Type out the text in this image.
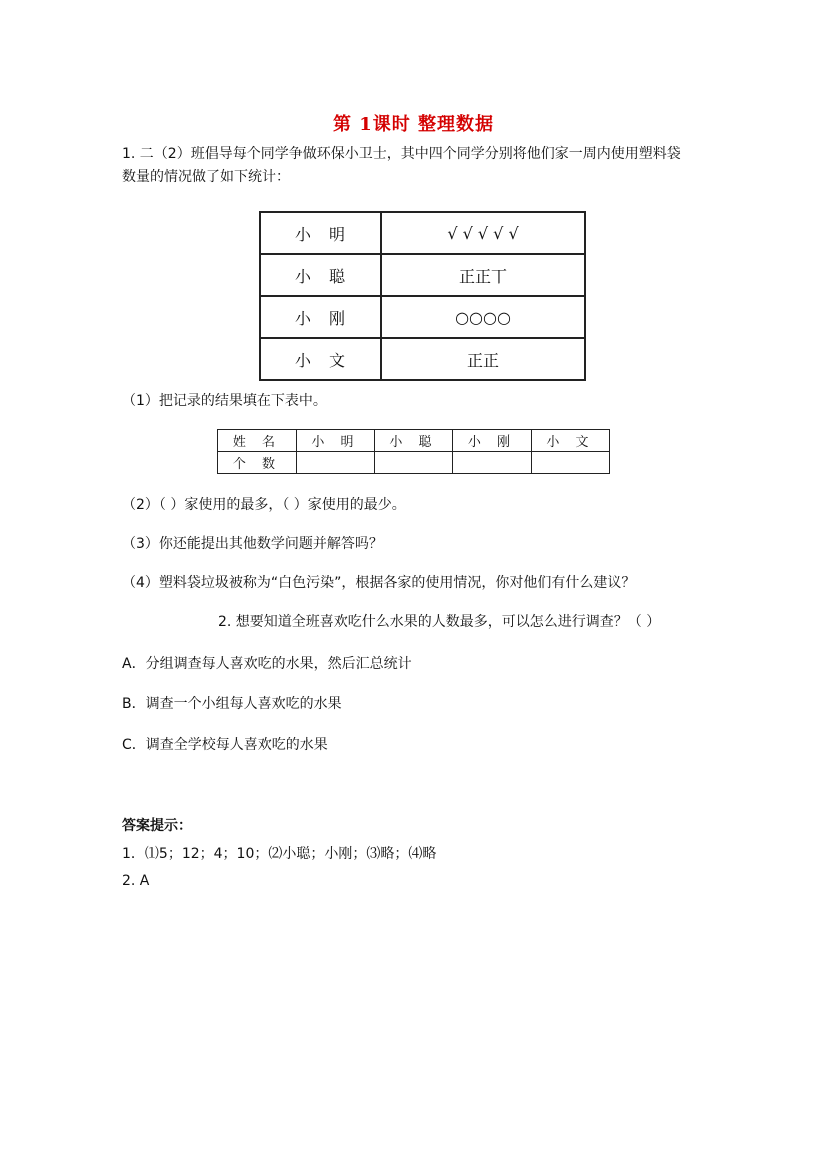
第 1课时 整理数据
1. 二（2）班倡导每个同学争做环保小卫士，其中四个同学分别将他们家一周内使用塑料袋
数量的情况做了如下统计：
小明	√ √ √ √ √
小聪	正正丅
小刚	○○○○
小文	正正
（1）把记录的结果填在下表中。
姓 名	小 明	小 聪	小 刚	小 文
个 数				
（2）（ ）家使用的最多，（ ）家使用的最少。
（3）你还能提出其他数学问题并解答吗？
（4）塑料袋垃圾被称为“白色污染”，根据各家的使用情况，你对他们有什么建议？
2. 想要知道全班喜欢吃什么水果的人数最多，可以怎么进行调查？（ ）
A．分组调查每人喜欢吃的水果，然后汇总统计
B．调查一个小组每人喜欢吃的水果
C．调查全学校每人喜欢吃的水果
答案提示：
1．⑴5；12；4；10；⑵小聪；小刚；⑶略；⑷略
2. A
